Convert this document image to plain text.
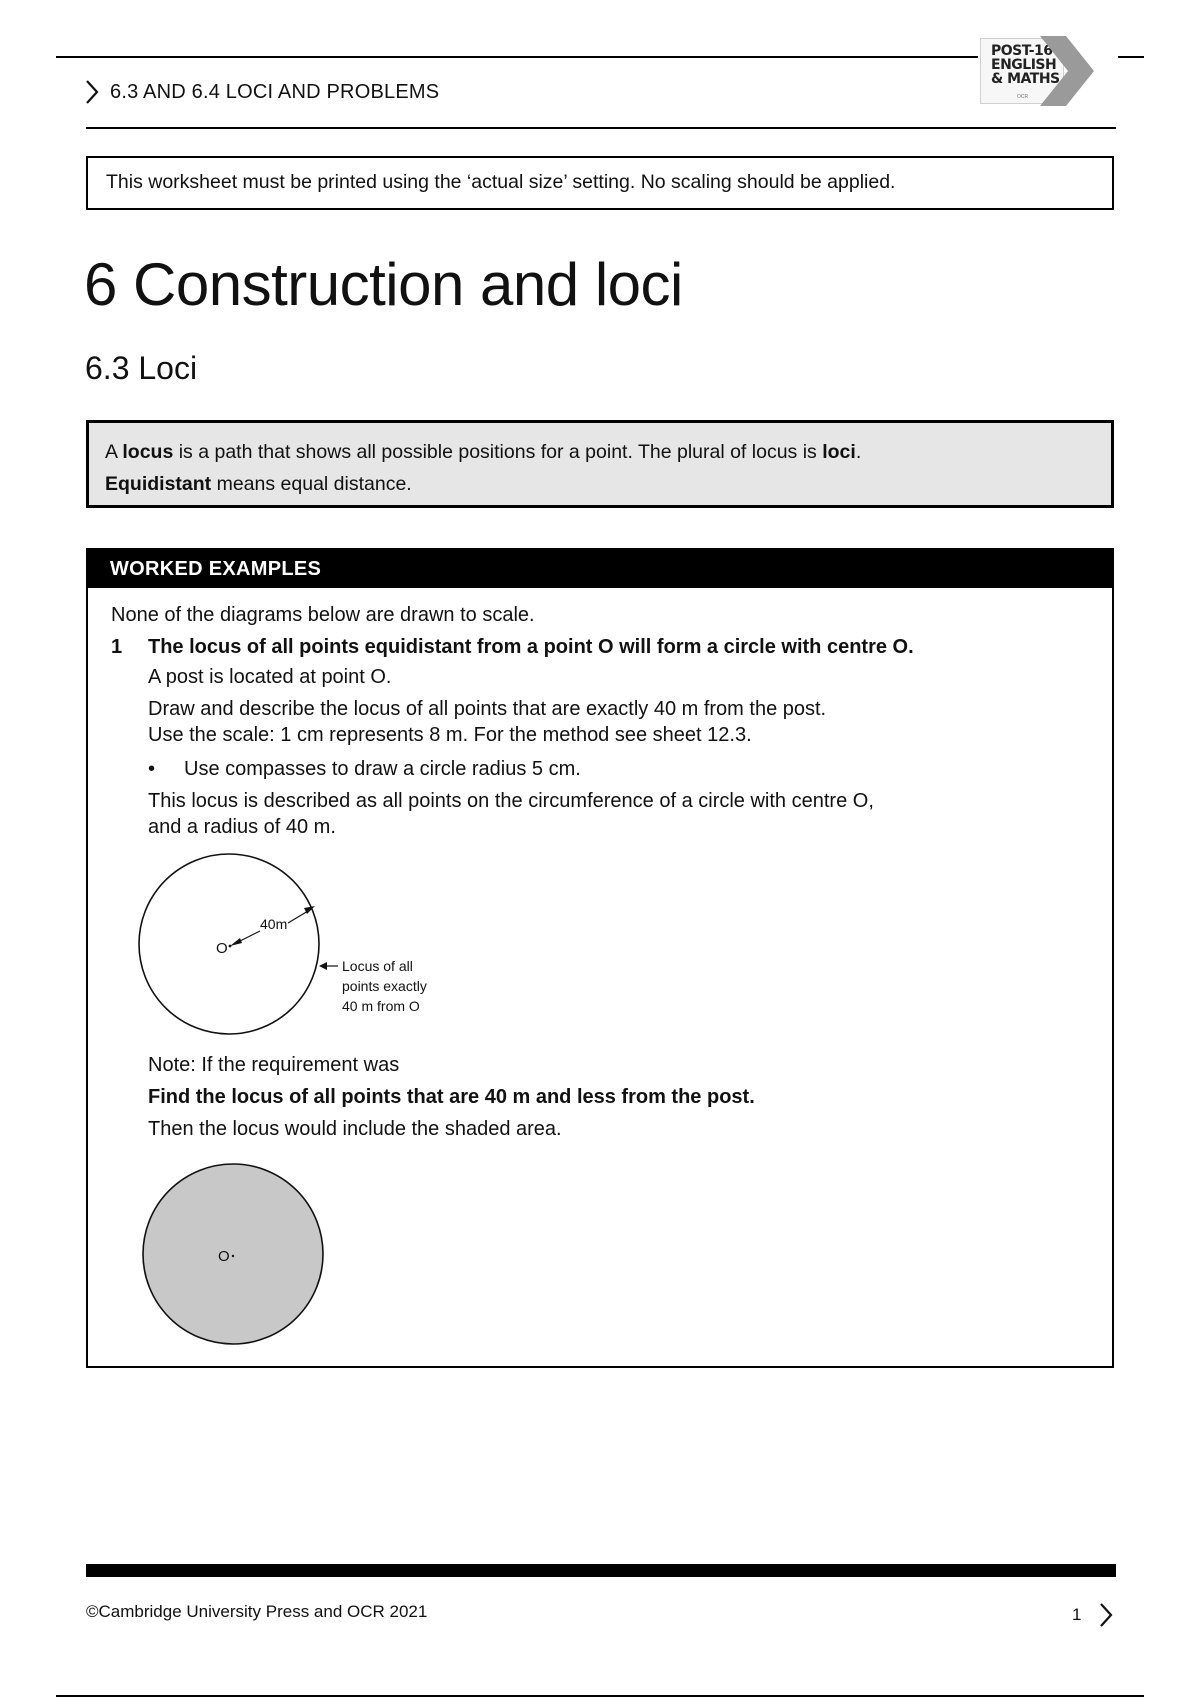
POST-16
ENGLISH
& MATHS
OCR
6.3 AND 6.4 LOCI AND PROBLEMS
This worksheet must be printed using the ‘actual size’ setting. No scaling should be applied.
6 Construction and loci
6.3 Loci
A locus is a path that shows all possible positions for a point. The plural of locus is loci.
Equidistant means equal distance.
WORKED EXAMPLES
None of the diagrams below are drawn to scale.
1 The locus of all points equidistant from a point O will form a circle with centre O.
A post is located at point O.
Draw and describe the locus of all points that are exactly 40 m from the post.
Use the scale: 1 cm represents 8 m. For the method see sheet 12.3.
• Use compasses to draw a circle radius 5 cm.
This locus is described as all points on the circumference of a circle with centre O,
and a radius of 40 m.
O
40m
Locus of all
points exactly
40 m from O
Note: If the requirement was
Find the locus of all points that are 40 m and less from the post.
Then the locus would include the shaded area.
O
©Cambridge University Press and OCR 2021	1
